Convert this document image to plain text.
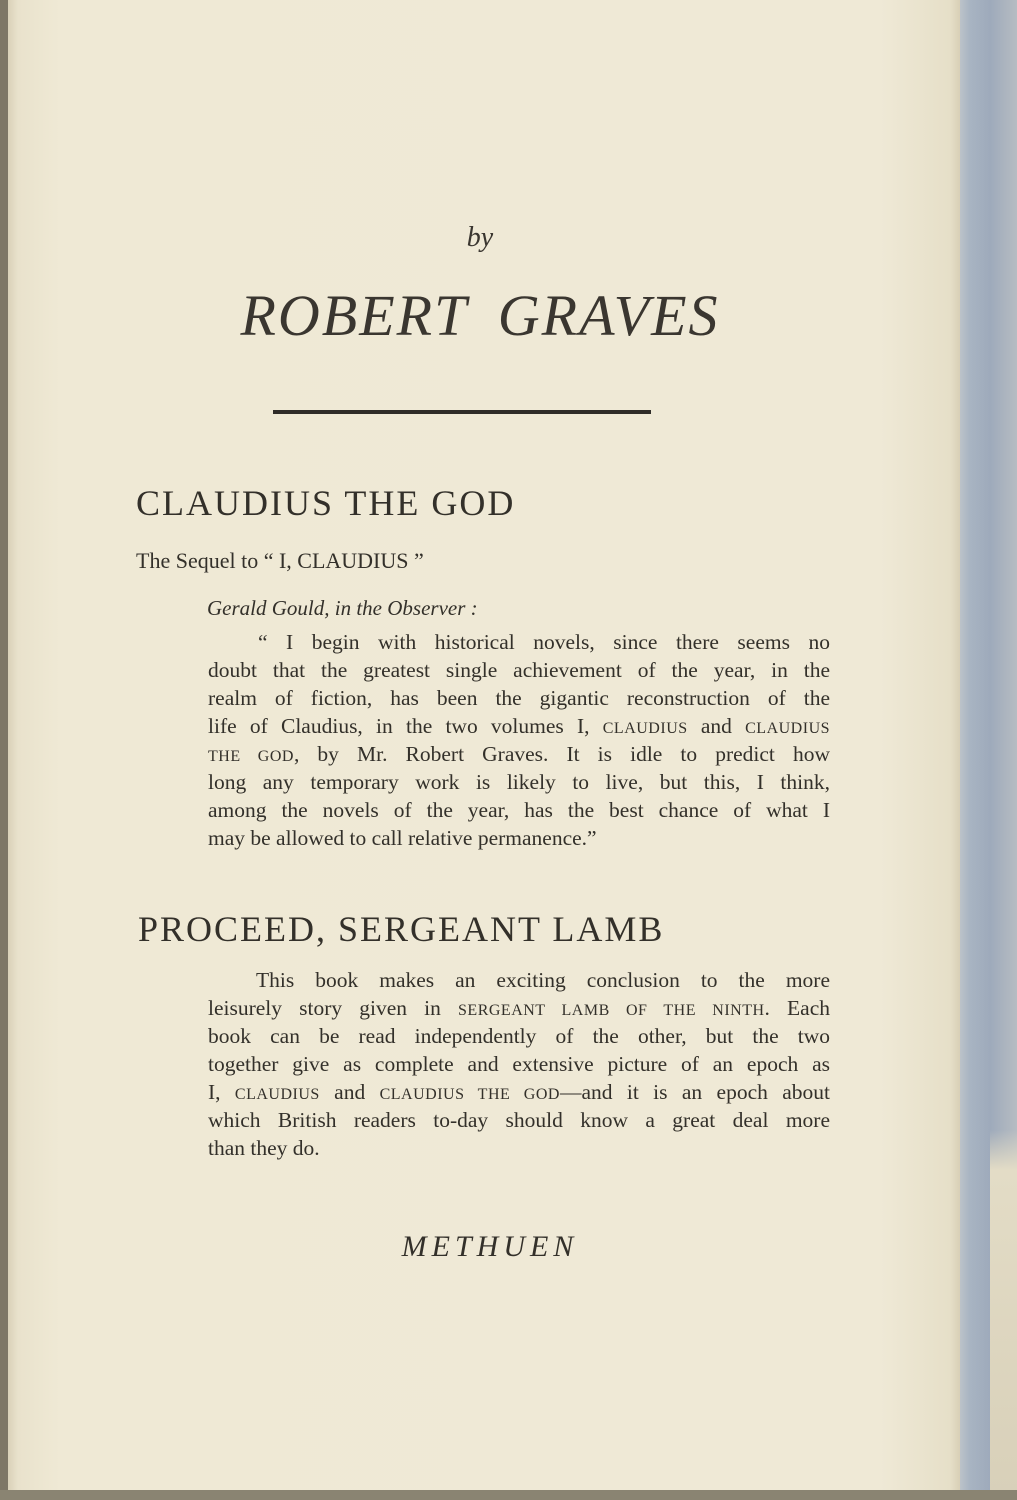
by
ROBERT GRAVES
CLAUDIUS THE GOD
The Sequel to “ I, CLAUDIUS ”
Gerald Gould, in the Observer :
“ I begin with historical novels, since there seems no
doubt that the greatest single achievement of the year, in the
realm of fiction, has been the gigantic reconstruction of the
life of Claudius, in the two volumes I, CLAUDIUS and CLAUDIUS
THE GOD, by Mr. Robert Graves. It is idle to predict how
long any temporary work is likely to live, but this, I think,
among the novels of the year, has the best chance of what I
may be allowed to call relative permanence.”
PROCEED, SERGEANT LAMB
This book makes an exciting conclusion to the more
leisurely story given in SERGEANT LAMB OF THE NINTH. Each
book can be read independently of the other, but the two
together give as complete and extensive picture of an epoch as
I, CLAUDIUS and CLAUDIUS THE GOD—and it is an epoch about
which British readers to-day should know a great deal more
than they do.
METHUEN
